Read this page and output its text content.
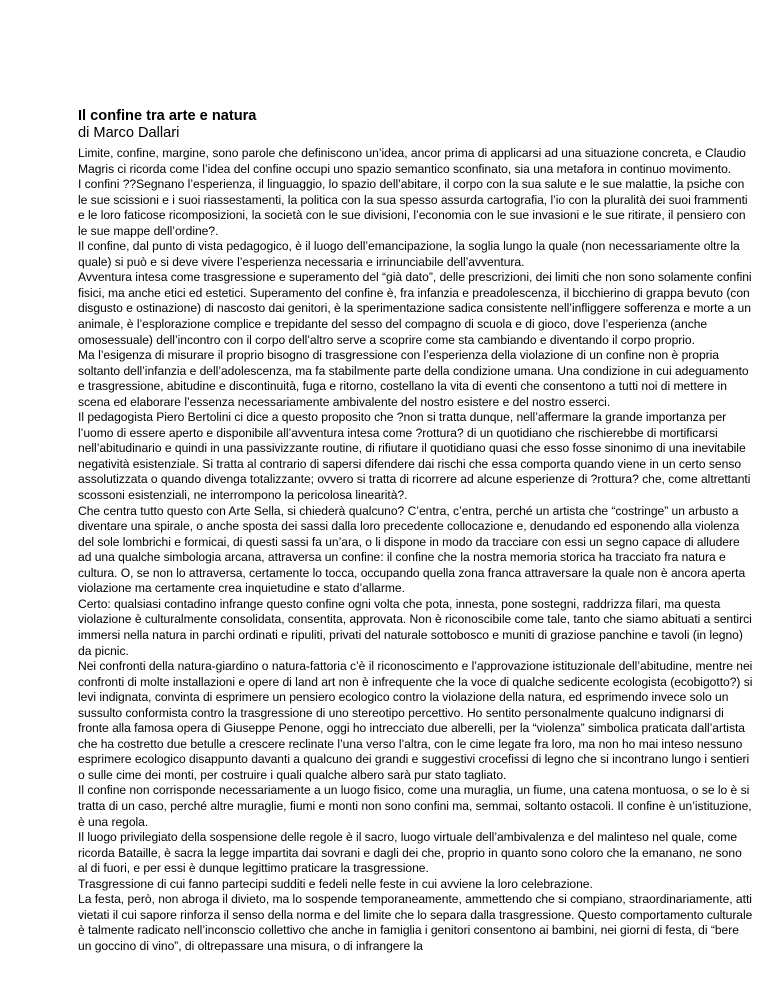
Il confine tra arte e natura
di Marco Dallari

Limite, confine, margine, sono parole che definiscono un’idea, ancor prima di applicarsi ad una situazione concreta, e Claudio Magris ci ricorda come l’idea del confine occupi uno spazio semantico sconfinato, sia una metafora in continuo movimento.

I confini ??Segnano l’esperienza, il linguaggio, lo spazio dell’abitare, il corpo con la sua salute e le sue malattie, la psiche con le sue scissioni e i suoi riassestamenti, la politica con la sua spesso assurda cartografia, l’io con la pluralità dei suoi frammenti e le loro faticose ricomposizioni, la società con le sue divisioni, l’economia con le sue invasioni e le sue ritirate, il pensiero con le sue mappe dell’ordine?.

Il confine, dal punto di vista pedagogico, è il luogo dell’emancipazione, la soglia lungo la quale (non necessariamente oltre la quale) si può e si deve vivere l’esperienza necessaria e irrinunciabile dell’avventura.

Avventura intesa come trasgressione e superamento del “già dato”, delle prescrizioni, dei limiti che non sono solamente confini fisici, ma anche etici ed estetici. Superamento del confine è, fra infanzia e preadolescenza, il bicchierino di grappa bevuto (con disgusto e ostinazione) di nascosto dai genitori, è la sperimentazione sadica consistente nell’infliggere sofferenza e morte a un animale, è l’esplorazione complice e trepidante del sesso del compagno di scuola e di gioco, dove l’esperienza (anche omosessuale) dell’incontro con il corpo dell’altro serve a scoprire come sta cambiando e diventando il corpo proprio.

Ma l’esigenza di misurare il proprio bisogno di trasgressione con l’esperienza della violazione di un confine non è propria soltanto dell’infanzia e dell’adolescenza, ma fa stabilmente parte della condizione umana. Una condizione in cui adeguamento e trasgressione, abitudine e discontinuità, fuga e ritorno, costellano la vita di eventi che consentono a tutti noi di mettere in scena ed elaborare l’essenza necessariamente ambivalente del nostro esistere e del nostro esserci.

Il pedagogista Piero Bertolini ci dice a questo proposito che ?non si tratta dunque, nell’affermare la grande importanza per l’uomo di essere aperto e disponibile all’avventura intesa come ?rottura? di un quotidiano che rischierebbe di mortificarsi nell’abitudinario e quindi in una passivizzante routine, di rifiutare il quotidiano quasi che esso fosse sinonimo di una inevitabile negatività esistenziale. Si tratta al contrario di sapersi difendere dai rischi che essa comporta quando viene in un certo senso assolutizzata o quando divenga totalizzante; ovvero si tratta di ricorrere ad alcune esperienze di ?rottura? che, come altrettanti scossoni esistenziali, ne interrompono la pericolosa linearità?.

Che centra tutto questo con Arte Sella, si chiederà qualcuno? C’entra, c’entra, perché un artista che “costringe” un arbusto a diventare una spirale, o anche sposta dei sassi dalla loro precedente collocazione e, denudando ed esponendo alla violenza del sole lombrichi e formicai, di questi sassi fa un’ara, o li dispone in modo da tracciare con essi un segno capace di alludere ad una qualche simbologia arcana, attraversa un confine: il confine che la nostra memoria storica ha tracciato fra natura e cultura. O, se non lo attraversa, certamente lo tocca, occupando quella zona franca attraversare la quale non è ancora aperta violazione ma certamente crea inquietudine e stato d’allarme.

Certo: qualsiasi contadino infrange questo confine ogni volta che pota, innesta, pone sostegni, raddrizza filari, ma questa violazione è culturalmente consolidata, consentita, approvata. Non è riconoscibile come tale, tanto che siamo abituati a sentirci immersi nella natura in parchi ordinati e ripuliti, privati del naturale sottobosco e muniti di graziose panchine e tavoli (in legno) da picnic.

Nei confronti della natura-giardino o natura-fattoria c’è il riconoscimento e l’approvazione istituzionale dell’abitudine, mentre nei confronti di molte installazioni e opere di land art non è infrequente che la voce di qualche sedicente ecologista (ecobigotto?) si levi indignata, convinta di esprimere un pensiero ecologico contro la violazione della natura, ed esprimendo invece solo un sussulto conformista contro la trasgressione di uno stereotipo percettivo. Ho sentito personalmente qualcuno indignarsi di fronte alla famosa opera di Giuseppe Penone, oggi ho intrecciato due alberelli, per la “violenza” simbolica praticata dall’artista che ha costretto due betulle a crescere reclinate l’una verso l’altra, con le cime legate fra loro, ma non ho mai inteso nessuno esprimere ecologico disappunto davanti a qualcuno dei grandi e suggestivi crocefissi di legno che si incontrano lungo i sentieri o sulle cime dei monti, per costruire i quali qualche albero sarà pur stato tagliato.

Il confine non corrisponde necessariamente a un luogo fisico, come una muraglia, un fiume, una catena montuosa, o se lo è si tratta di un caso, perché altre muraglie, fiumi e monti non sono confini ma, semmai, soltanto ostacoli. Il confine è un’istituzione, è una regola.

Il luogo privilegiato della sospensione delle regole è il sacro, luogo virtuale dell’ambivalenza e del malinteso nel quale, come ricorda Bataille, è sacra la legge impartita dai sovrani e dagli dei che, proprio in quanto sono coloro che la emanano, ne sono al di fuori, e per essi è dunque legittimo praticare la trasgressione.

Trasgressione di cui fanno partecipi sudditi e fedeli nelle feste in cui avviene la loro celebrazione.

La festa, però, non abroga il divieto, ma lo sospende temporaneamente, ammettendo che si compiano, straordinariamente, atti vietati il cui sapore rinforza il senso della norma e del limite che lo separa dalla trasgressione. Questo comportamento culturale è talmente radicato nell’inconscio collettivo che anche in famiglia i genitori consentono ai bambini, nei giorni di festa, di “bere un goccino di vino”, di oltrepassare una misura, o di infrangere la
